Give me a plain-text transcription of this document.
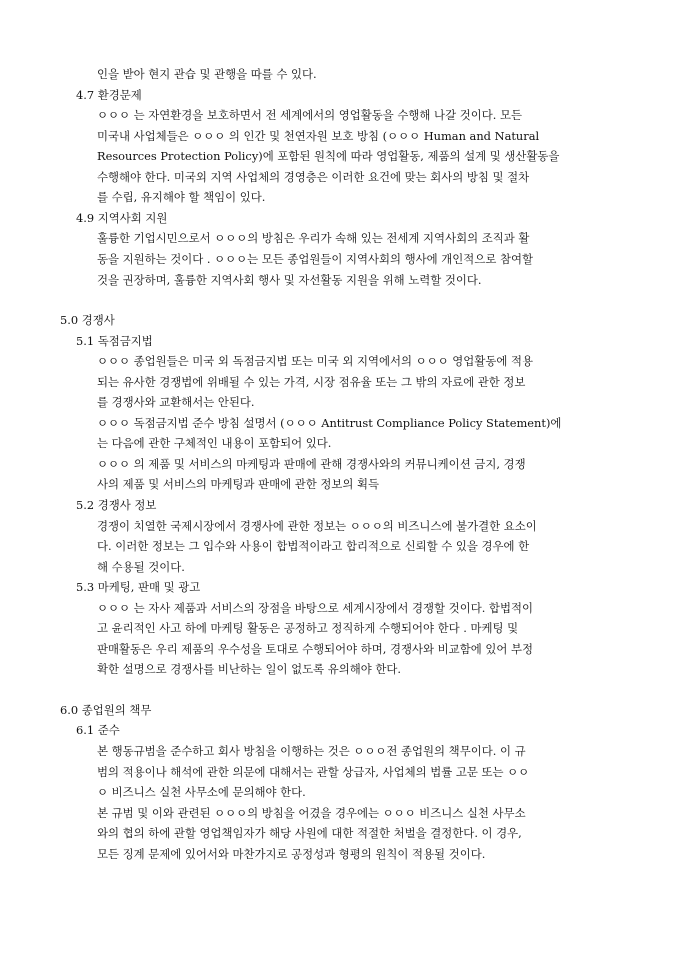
인을 받아 현지 관습 및 관행을 따를 수 있다.
4.7 환경문제
ㅇㅇㅇ 는 자연환경을 보호하면서 전 세계에서의 영업활동을 수행해 나갈 것이다. 모든
미국내 사업체들은 ㅇㅇㅇ 의 인간 및 천연자원 보호 방침 (ㅇㅇㅇ Human and Natural
Resources Protection Policy)에 포함된 원칙에 따라 영업활동, 제품의 설계 및 생산활동을
수행해야 한다. 미국외 지역 사업체의 경영층은 이러한 요건에 맞는 회사의 방침 및 절차
를 수립, 유지해야 할 책임이 있다.
4.9 지역사회 지원
훌륭한 기업시민으로서 ㅇㅇㅇ의 방침은 우리가 속해 있는 전세계 지역사회의 조직과 활
동을 지원하는 것이다 . ㅇㅇㅇ는 모든 종업원들이 지역사회의 행사에 개인적으로 참여할
것을 권장하며, 훌륭한 지역사회 행사 및 자선활동 지원을 위해 노력할 것이다.
5.0 경쟁사
5.1 독점금지법
ㅇㅇㅇ 종업원들은 미국 외 독점금지법 또는 미국 외 지역에서의 ㅇㅇㅇ 영업활동에 적용
되는 유사한 경쟁법에 위배될 수 있는 가격, 시장 점유율 또는 그 밖의 자료에 관한 정보
를 경쟁사와 교환해서는 안된다.
ㅇㅇㅇ 독점금지법 준수 방침 설명서 (ㅇㅇㅇ Antitrust Compliance Policy Statement)에
는 다음에 관한 구체적인 내용이 포함되어 있다.
ㅇㅇㅇ 의 제품 및 서비스의 마케팅과 판매에 관해 경쟁사와의 커뮤니케이션 금지, 경쟁
사의 제품 및 서비스의 마케팅과 판매에 관한 정보의 획득
5.2 경쟁사 정보
경쟁이 치열한 국제시장에서 경쟁사에 관한 정보는 ㅇㅇㅇ의 비즈니스에 불가결한 요소이
다. 이러한 정보는 그 입수와 사용이 합법적이라고 합리적으로 신뢰할 수 있을 경우에 한
해 수용될 것이다.
5.3 마케팅, 판매 및 광고
ㅇㅇㅇ 는 자사 제품과 서비스의 장점을 바탕으로 세계시장에서 경쟁할 것이다. 합법적이
고 윤리적인 사고 하에 마케팅 활동은 공정하고 정직하게 수행되어야 한다 . 마케팅 및
판매활동은 우리 제품의 우수성을 토대로 수행되어야 하며, 경쟁사와 비교함에 있어 부정
확한 설명으로 경쟁사를 비난하는 일이 없도록 유의해야 한다.
6.0 종업원의 책무
6.1 준수
본 행동규범을 준수하고 회사 방침을 이행하는 것은 ㅇㅇㅇ전 종업원의 책무이다. 이 규
범의 적용이나 해석에 관한 의문에 대해서는 관할 상급자, 사업체의 법률 고문 또는 ㅇㅇ
ㅇ 비즈니스 실천 사무소에 문의해야 한다.
본 규범 및 이와 관련된 ㅇㅇㅇ의 방침을 어겼을 경우에는 ㅇㅇㅇ 비즈니스 실천 사무소
와의 협의 하에 관할 영업책임자가 해당 사원에 대한 적절한 처벌을 결정한다. 이 경우,
모든 징계 문제에 있어서와 마찬가지로 공정성과 형평의 원칙이 적용될 것이다.
